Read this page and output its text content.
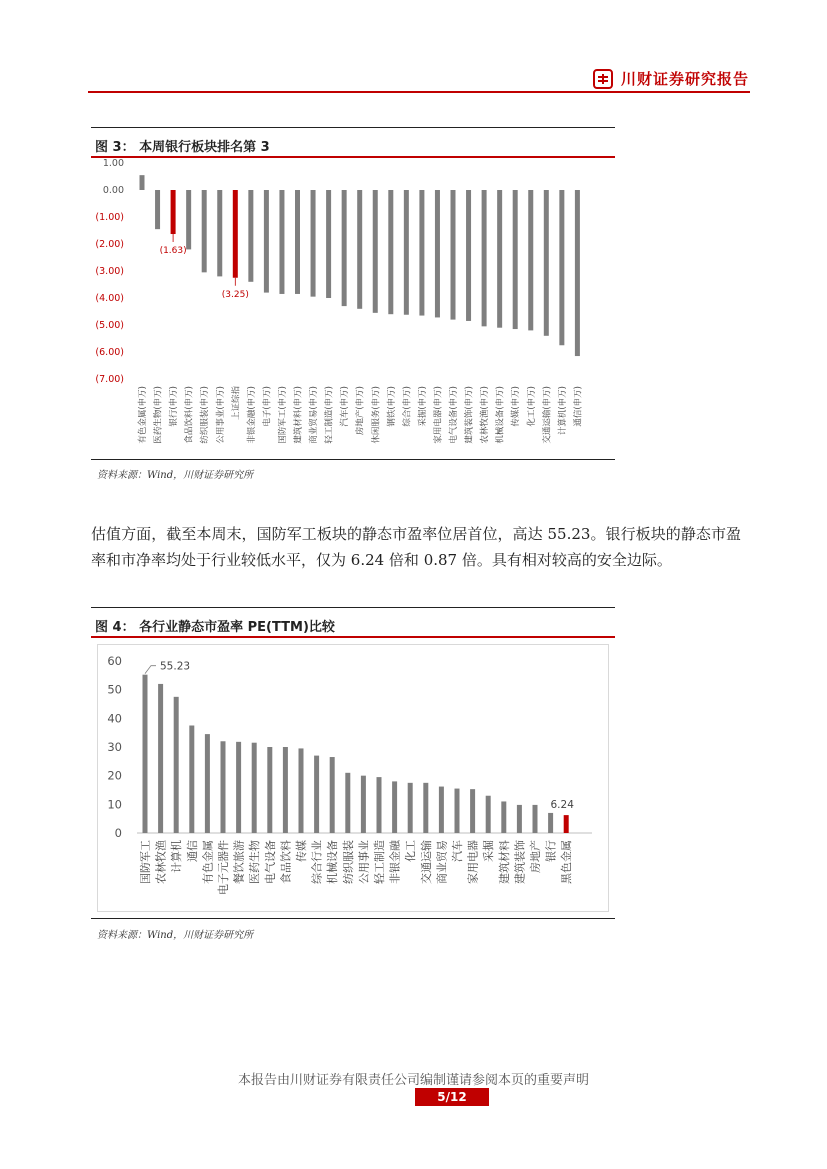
川财证券研究报告
图 3： 本周银行板块排名第 3
1.00
0.00
(1.00)
(2.00)
(3.00)
(4.00)
(5.00)
(6.00)
(7.00)
有色金属(申万) 医药生物(申万) 银行(申万)
(1.63)
食品饮料(申万) 纺织服装(申万) 公用事业(申万) 上证综指
(3.25)
非银金融(申万) 电子(申万) 国防军工(申万) 建筑材料(申万) 商业贸易(申万) 轻工制造(申万) 汽车(申万) 房地产(申万) 休闲服务(申万) 钢铁(申万) 综合(申万) 采掘(申万) 家用电器(申万) 电气设备(申万) 建筑装饰(申万) 农林牧渔(申万) 机械设备(申万) 传媒(申万) 化工(申万) 交通运输(申万) 计算机(申万) 通信(申万)
资料来源：Wind，川财证券研究所
估值方面，截至本周末，国防军工板块的静态市盈率位居首位，高达 55.23。银行板块的静态市盈率和市净率均处于行业较低水平，仅为 6.24 倍和 0.87 倍。具有相对较高的安全边际。
图 4： 各行业静态市盈率 PE(TTM)比较
60
50
40
30
20
10
0
国防军工
55.23
农林牧渔 计算机 通信 有色金属 电子元器件 餐饮旅游 医药生物 电气设备 食品饮料 传媒 综合行业 机械设备 纺织服装 公用事业 轻工制造 非银金融 化工 交通运输 商业贸易 汽车 家用电器 采掘 建筑材料 建筑装饰 房地产 银行 黑色金属
6.24
资料来源：Wind，川财证券研究所
本报告由川财证券有限责任公司编制谨请参阅本页的重要声明
5/12
